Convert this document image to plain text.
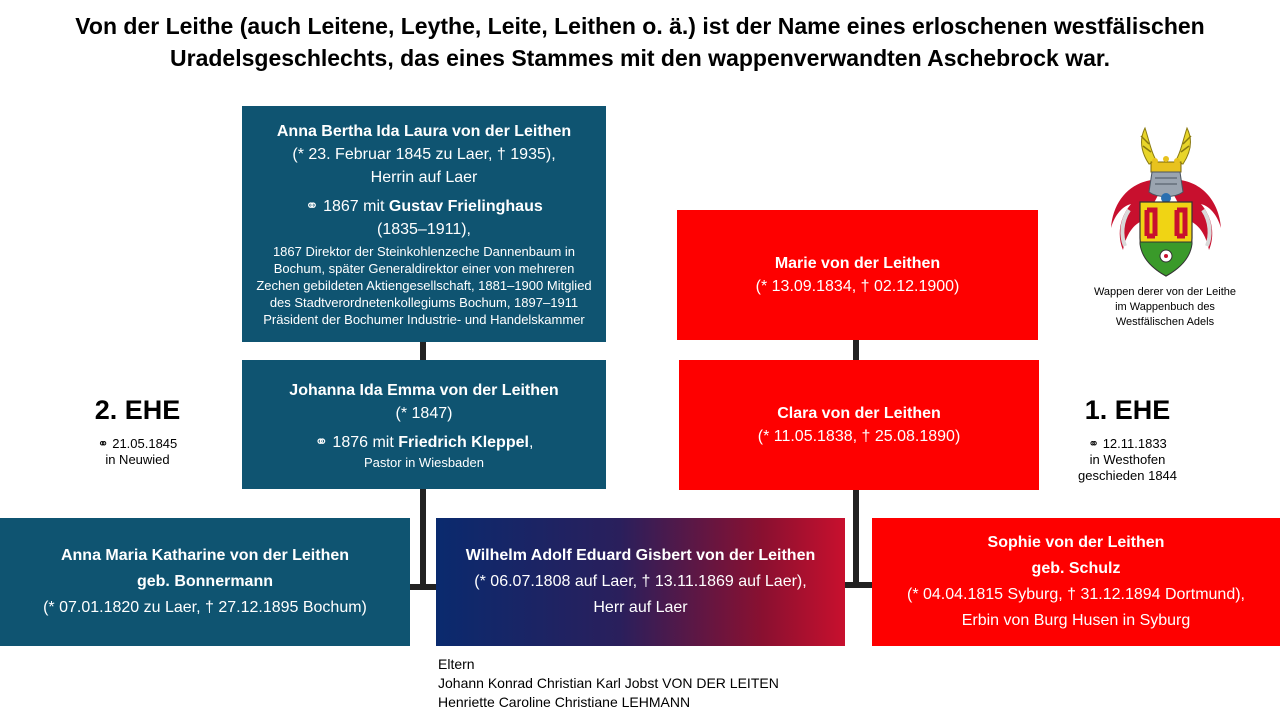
Von der Leithe (auch Leitene, Leythe, Leite, Leithen o. ä.) ist der Name eines erloschenen westfälischen
Uradelsgeschlechts, das eines Stammes mit den wappenverwandten Aschebrock war.
Anna Bertha Ida Laura von der Leithen
(* 23. Februar 1845 zu Laer, † 1935),
Herrin auf Laer
⚭ 1867 mit Gustav Frielinghaus
(1835–1911),
1867 Direktor der Steinkohlenzeche Dannenbaum in Bochum, später Generaldirektor einer von mehreren Zechen gebildeten Aktiengesellschaft, 1881–1900 Mitglied des Stadtverordnetenkollegiums Bochum, 1897–1911 Präsident der Bochumer Industrie- und Handelskammer
Johanna Ida Emma von der Leithen
(* 1847)
⚭ 1876 mit Friedrich Kleppel,
Pastor in Wiesbaden
Marie von der Leithen
(* 13.09.1834, † 02.12.1900)
Clara von der Leithen
(* 11.05.1838, † 25.08.1890)
Anna Maria Katharine von der Leithen
geb. Bonnermann
(* 07.01.1820 zu Laer, † 27.12.1895 Bochum)
Wilhelm Adolf Eduard Gisbert von der Leithen
(* 06.07.1808 auf Laer, † 13.11.1869 auf Laer),
Herr auf Laer
Sophie von der Leithen
geb. Schulz
(* 04.04.1815 Syburg, † 31.12.1894 Dortmund),
Erbin von Burg Husen in Syburg
2. EHE
⚭ 21.05.1845
in Neuwied
1. EHE
⚭ 12.11.1833
in Westhofen
geschieden 1844
Wappen derer von der Leithe
im Wappenbuch des
Westfälischen Adels
Eltern
Johann Konrad Christian Karl Jobst VON DER LEITEN
Henriette Caroline Christiane LEHMANN
